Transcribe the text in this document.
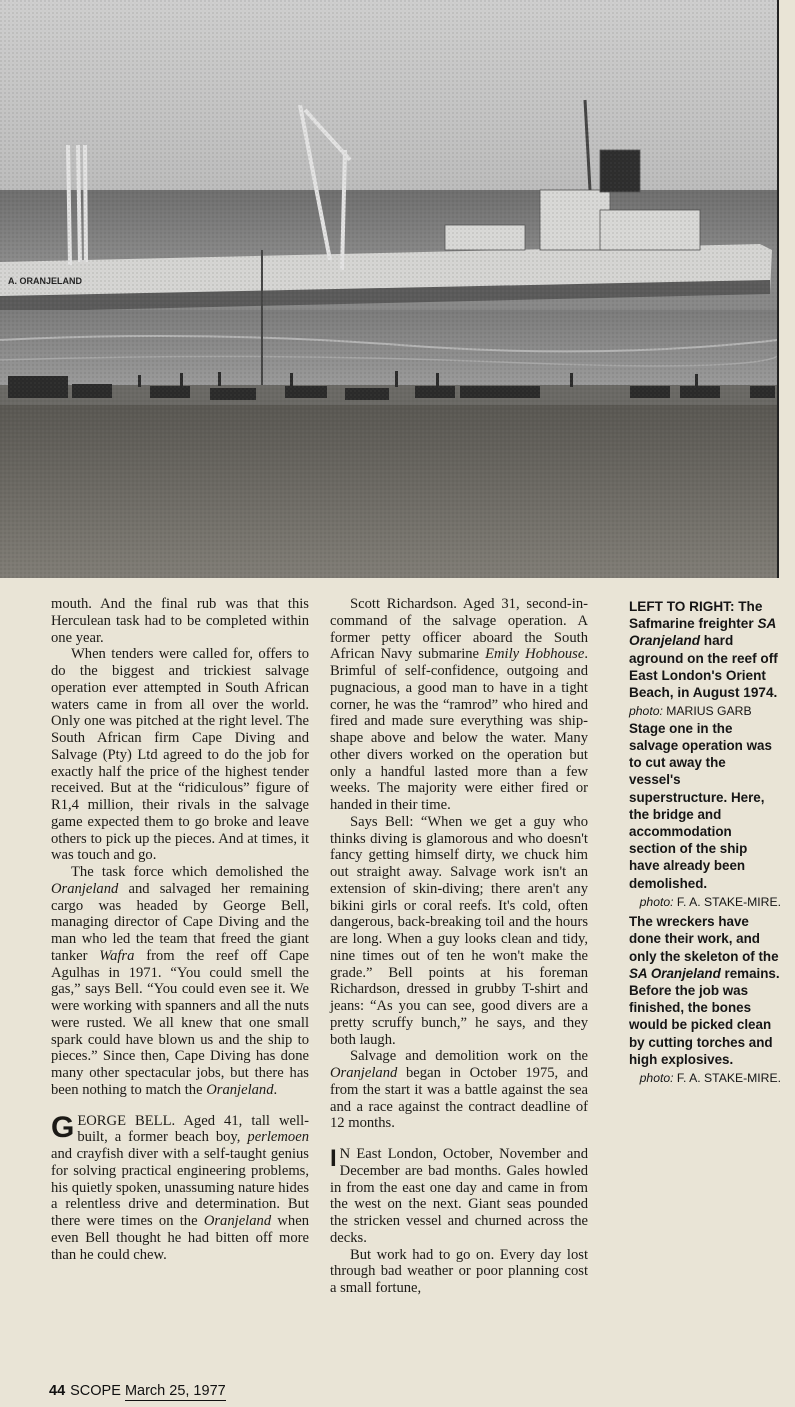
mouth. And the final rub was that this Herculean task had to be completed within one year.

When tenders were called for, offers to do the biggest and trickiest salvage operation ever attempted in South African waters came in from all over the world. Only one was pitched at the right level. The South African firm Cape Diving and Salvage (Pty) Ltd agreed to do the job for exactly half the price of the highest tender received. But at the “ridiculous” figure of R1,4 million, their rivals in the salvage game expected them to go broke and leave others to pick up the pieces. And at times, it was touch and go.

The task force which demolished the Oranjeland and salvaged her remaining cargo was headed by George Bell, managing director of Cape Diving and the man who led the team that freed the giant tanker Wafra from the reef off Cape Agulhas in 1971. “You could smell the gas,” says Bell. “You could even see it. We were working with spanners and all the nuts were rusted. We all knew that one small spark could have blown us and the ship to pieces.” Since then, Cape Diving has done many other spectacular jobs, but there has been nothing to match the Oranjeland.

GEORGE BELL. Aged 41, tall well-built, a former beach boy, perlemoen and crayfish diver with a self-taught genius for solving practical engineering problems, his quietly spoken, unassuming nature hides a relentless drive and determination. But there were times on the Oranjeland when even Bell thought he had bitten off more than he could chew.

Scott Richardson. Aged 31, second-in-command of the salvage operation. A former petty officer aboard the South African Navy submarine Emily Hobhouse. Brimful of self-confidence, outgoing and pugnacious, a good man to have in a tight corner, he was the “ramrod” who hired and fired and made sure everything was ship-shape above and below the water. Many other divers worked on the operation but only a handful lasted more than a few weeks. The majority were either fired or handed in their time.

Says Bell: “When we get a guy who thinks diving is glamorous and who doesn't fancy getting himself dirty, we chuck him out straight away. Salvage work isn't an extension of skin-diving; there aren't any bikini girls or coral reefs. It's cold, often dangerous, back-breaking toil and the hours are long. When a guy looks clean and tidy, nine times out of ten he won't make the grade.” Bell points at his foreman Richardson, dressed in grubby T-shirt and jeans: “As you can see, good divers are a pretty scruffy bunch,” he says, and they both laugh.

Salvage and demolition work on the Oranjeland began in October 1975, and from the start it was a battle against the sea and a race against the contract deadline of 12 months.

I N East London, October, November and December are bad months. Gales howled in from the east one day and came in from the west on the next. Giant seas pounded the stricken vessel and churned across the decks.

But work had to go on. Every day lost through bad weather or poor planning cost a small fortune,

LEFT TO RIGHT: The Safmarine freighter SA Oranjeland hard aground on the reef off East London's Orient Beach, in August 1974.

photo: MARIUS GARB

Stage one in the salvage operation was to cut away the vessel's superstructure. Here, the bridge and accommodation section of the ship have already been demolished.

photo: F. A. STAKE-MIRE.

The wreckers have done their work, and only the skeleton of the SA Oranjeland remains. Before the job was finished, the bones would be picked clean by cutting torches and high explosives.

photo: F. A. STAKE-MIRE.

44 SCOPE March 25, 1977
